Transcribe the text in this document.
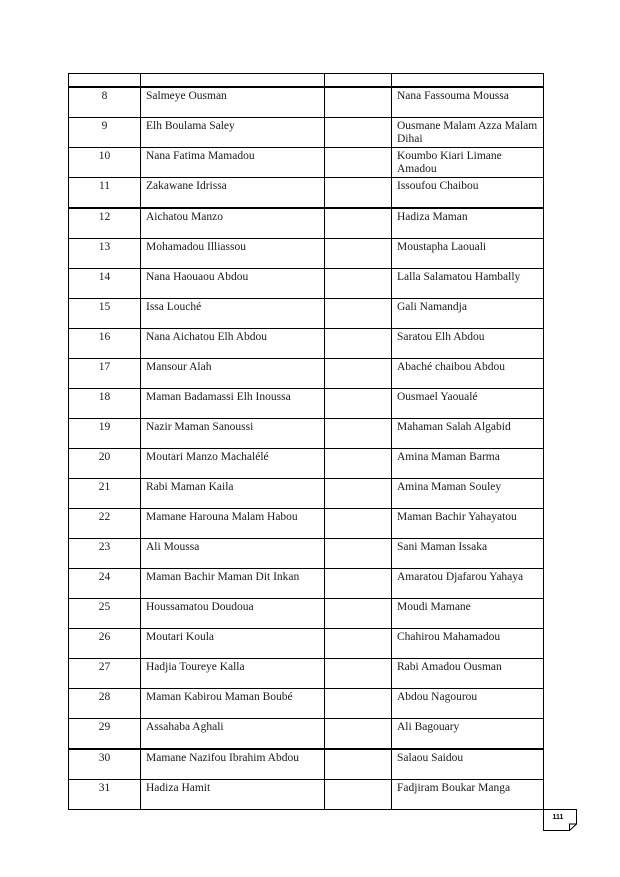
8	Salmeye Ousman		Nana Fassouma Moussa
9	Elh Boulama Saley		Ousmane Malam Azza Malam Dihai
10	Nana Fatima Mamadou		Koumbo Kiari Limane Amadou
11	Zakawane Idrissa		Issoufou Chaibou
12	Aichatou Manzo		Hadiza Maman
13	Mohamadou Illiassou		Moustapha Laouali
14	Nana Haouaou Abdou		Lalla Salamatou Hambally
15	Issa Louché		Gali Namandja
16	Nana Aichatou Elh Abdou		Saratou Elh Abdou
17	Mansour Alah		Abaché chaibou Abdou
18	Maman Badamassi Elh Inoussa		Ousmael Yaoualé
19	Nazir Maman Sanoussi		Mahaman Salah Algabid
20	Moutari Manzo Machalélé		Amina Maman Barma
21	Rabi Maman Kaila		Amina Maman Souley
22	Mamane Harouna Malam Habou		Maman Bachir Yahayatou
23	Ali Moussa		Sani Maman Issaka
24	Maman Bachir Maman Dit Inkan		Amaratou Djafarou Yahaya
25	Houssamatou Doudoua		Moudi Mamane
26	Moutari Koula		Chahirou Mahamadou
27	Hadjia Toureye Kalla		Rabi Amadou Ousman
28	Maman Kabirou Maman Boubé		Abdou Nagourou
29	Assahaba Aghali		Ali Bagouary
30	Mamane Nazifou Ibrahim Abdou		Salaou Saidou
31	Hadiza Hamit		Fadjiram Boukar Manga
111
